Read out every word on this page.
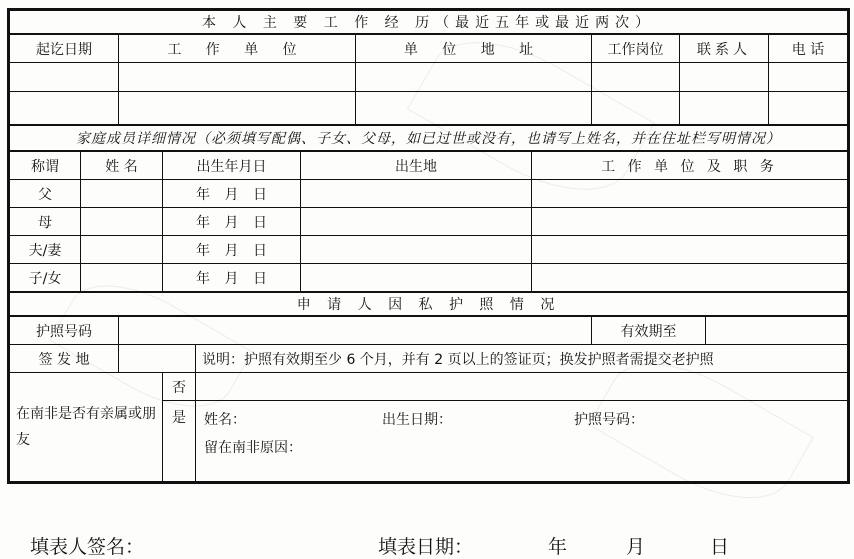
本 人 主 要 工 作 经 历（最近五年或最近两次）											
起讫日期		工 作 单 位				单 位 地 址		工作岗位	联系人		电 话

家庭成员详细情况（必须填写配偶、子女、父母，如已过世或没有，也请写上姓名，并在住址栏写明情况）											
称谓	姓 名		出生年月日		出生地		工 作 单 位 及 职 务				
父			年 月 日								
母			年 月 日								
夫/妻			年 月 日								
子/女			年 月 日								
申 请 人 因 私 护 照 情 况											
护照号码								有效期至			
签 发 地				说明：护照有效期至少 6 个月，并有 2 页以上的签证页；换发护照者需提交老护照							
在南非是否有亲属或朋友			否								
			是	姓名： 出生日期： 护照号码：
留在南非原因：							

填表人签名：	填表日期：	年	月	日
